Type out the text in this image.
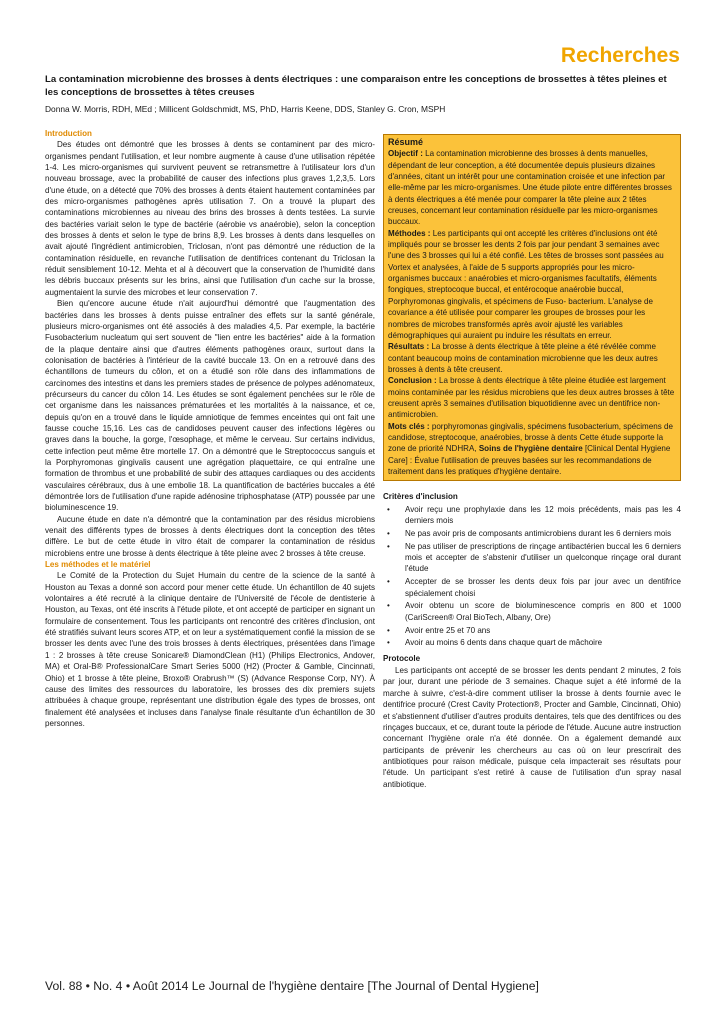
Recherches
La contamination microbienne des brosses à dents électriques : une comparaison entre les conceptions de brossettes à têtes pleines et les conceptions de brossettes à têtes creuses
Donna W. Morris, RDH, MEd ; Millicent Goldschmidt, MS, PhD, Harris Keene, DDS, Stanley G. Cron, MSPH
Introduction

Des études ont démontré que les brosses à dents se contaminent par des micro-organismes pendant l'utilisation, et leur nombre augmente à cause d'une utilisation répétée 1-4. Les micro-organismes qui survivent peuvent se retransmettre à l'utilisateur lors d'un nouveau brossage, avec la probabilité de causer des infections plus graves 1,2,3,5. Lors d'une étude, on a détecté que 70% des brosses à dents étaient hautement contaminées par des micro-organismes pathogènes après utilisation 7. On a trouvé la plupart des contaminations microbiennes au niveau des brins des brosses à dents testées. La survie des bactéries variait selon le type de bactérie (aérobie vs anaérobie), selon la conception des brosses à dents et selon le type de brins 8,9. Les brosses à dents dans lesquelles on avait ajouté l'ingrédient antimicrobien, Triclosan, n'ont pas démontré une réduction de la contamination résiduelle, en revanche l'utilisation de dentifrices contenant du Triclosan la réduit sensiblement 10-12. Mehta et al à découvert que la conservation de l'humidité dans les débris buccaux présents sur les brins, ainsi que l'utilisation d'un cache sur la brosse, augmentaient la survie des microbes et leur conservation 7.

Bien qu'encore aucune étude n'ait aujourd'hui démontré que l'augmentation des bactéries dans les brosses à dents puisse entraîner des effets sur la santé générale, plusieurs micro-organismes ont été associés à des maladies 4,5. Par exemple, la bactérie Fusobacterium nucleatum qui sert souvent de "lien entre les bactéries" aide à la formation de la plaque dentaire ainsi que d'autres éléments pathogènes oraux, surtout dans la colonisation de bactéries à l'intérieur de la cavité buccale 13. On en a retrouvé dans des échantillons de tumeurs du côlon, et on a étudié son rôle dans des inflammations de carcinomes des intestins et dans les premiers stades de présence de polypes adénomateux, précurseurs du cancer du côlon 14. Les études se sont également penchées sur le rôle de cet organisme dans les naissances prématurées et les mortalités à la naissance, et ce, depuis qu'on en a trouvé dans le liquide amniotique de femmes enceintes qui ont fait une fausse couche 15,16. Les cas de candidoses peuvent causer des infections légères ou graves dans la bouche, la gorge, l'œsophage, et même le cerveau. Sur certains individus, cette infection peut même être mortelle 17. On a démontré que le Streptococcus sanguis et la Porphyromonas gingivalis causent une agrégation plaquettaire, ce qui entraîne une formation de thrombus et une probabilité de subir des attaques cardiaques ou des accidents vasculaires cérébraux, dus à une embolie 18. La quantification de bactéries buccales a été démontrée lors de l'utilisation d'une rapide adénosine triphosphatase (ATP) poussée par une bioluminescence 19.

Aucune étude en date n'a démontré que la contamination par des résidus microbiens venait des différents types de brosses à dents électriques dont la conception des têtes diffère. Le but de cette étude in vitro était de comparer la contamination de résidus microbiens entre une brosse à dents électrique à tête pleine avec 2 brosses à tête creuse.

Les méthodes et le matériel

Le Comité de la Protection du Sujet Humain du centre de la science de la santé à Houston au Texas a donné son accord pour mener cette étude. Un échantillon de 40 sujets volontaires a été recruté à la clinique dentaire de l'Université de l'école de dentisterie à Houston, au Texas, ont été inscrits à l'étude pilote, et ont accepté de participer en signant un formulaire de consentement. Tous les participants ont rencontré des critères d'inclusion, ont été stratifiés suivant leurs scores ATP, et on leur a systématiquement confié la mission de se brosser les dents avec l'une des trois brosses à dents électriques, présentées dans l'image 1 : 2 brosses à tête creuse Sonicare® DiamondClean (H1) (Philips Electronics, Andover, MA) et Oral-B® ProfessionalCare Smart Series 5000 (H2) (Procter & Gamble, Cincinnati, Ohio) et 1 brosse à tête pleine, Broxo® Orabrush™ (S) (Advance Response Corp, NY). À cause des limites des ressources du laboratoire, les brosses des dix premiers sujets attribuées à chaque groupe, représentant une distribution égale des types de brosses, ont finalement été analysées et incluses dans l'analyse finale résultante d'un échantillon de 30 personnes.

Résumé

Objectif : La contamination microbienne des brosses à dents manuelles, dépendant de leur conception, a été documentée depuis plusieurs dizaines d'années, citant un intérêt pour une contamination croisée et une infection par elle-même par les micro-organismes. Une étude pilote entre différentes brosses à dents électriques a été menée pour comparer la tête pleine aux 2 têtes creuses, concernant leur contamination résiduelle par les micro-organismes buccaux.

Méthodes : Les participants qui ont accepté les critères d'inclusions ont été impliqués pour se brosser les dents 2 fois par jour pendant 3 semaines avec l'une des 3 brosses qui lui a été confié. Les têtes de brosses sont passées au Vortex et analysées, à l'aide de 5 supports appropriés pour les micro-organismes buccaux : anaérobies et micro-organismes facultatifs, éléments fongiques, streptocoque buccal, et entérocoque anaérobie buccal, Porphyromonas gingivalis, et spécimens de Fuso- bacterium. L'analyse de covariance a été utilisée pour comparer les groupes de brosses pour les nombres de microbes transformés après avoir ajusté les variables démographiques qui auraient pu induire les résultats en erreur.

Résultats : La brosse à dents électrique à tête pleine a été révélée comme contant beaucoup moins de contamination microbienne que les deux autres brosses à dents à tête creusent.

Conclusion : La brosse à dents électrique à tête pleine étudiée est largement moins contaminée par les résidus microbiens que les deux autres brosses à tête creusent après 3 semaines d'utilisation biquotidienne avec un dentifrice non-antimicrobien.

Mots clés : porphyromonas gingivalis, spécimens fusobacterium, spécimens de candidose, streptocoque, anaérobies, brosse à dents Cette étude supporte la zone de priorité NDHRA, Soins de l'hygiène dentaire [Clinical Dental Hygiene Care] : Évalue l'utilisation de preuves basées sur les recommandations de traitement dans les pratiques d'hygiène dentaire.

Critères d'inclusion
• Avoir reçu une prophylaxie dans les 12 mois précédents, mais pas les 4 derniers mois
• Ne pas avoir pris de composants antimicrobiens durant les 6 derniers mois
• Ne pas utiliser de prescriptions de rinçage antibactérien buccal les 6 derniers mois et accepter de s'abstenir d'utiliser un quelconque rinçage oral durant l'étude
• Accepter de se brosser les dents deux fois par jour avec un dentifrice spécialement choisi
• Avoir obtenu un score de bioluminescence compris en 800 et 1000 (CariScreen® Oral BioTech, Albany, Ore)
• Avoir entre 25 et 70 ans
• Avoir au moins 6 dents dans chaque quart de mâchoire
Protocole

Les participants ont accepté de se brosser les dents pendant 2 minutes, 2 fois par jour, durant une période de 3 semaines. Chaque sujet a été informé de la marche à suivre, c'est-à-dire comment utiliser la brosse à dents fournie avec le dentifrice procuré (Crest Cavity Protection®, Procter and Gamble, Cincinnati, Ohio) et s'abstiennent d'utiliser d'autres produits dentaires, tels que des dentifrices ou des rinçages buccaux, et ce, durant toute la période de l'étude. Aucune autre instruction concernant l'hygiène orale n'a été donnée. On a également demandé aux participants de prévenir les chercheurs au cas où on leur prescrirait des antibiotiques pour raison médicale, puisque cela impacterait ses résultats pour l'étude. Un participant s'est retiré à cause de l'utilisation d'un spray nasal antibiotique.

Vol. 88 • No. 4 • Août 2014 Le Journal de l'hygiène dentaire [The Journal of Dental Hygiene]
